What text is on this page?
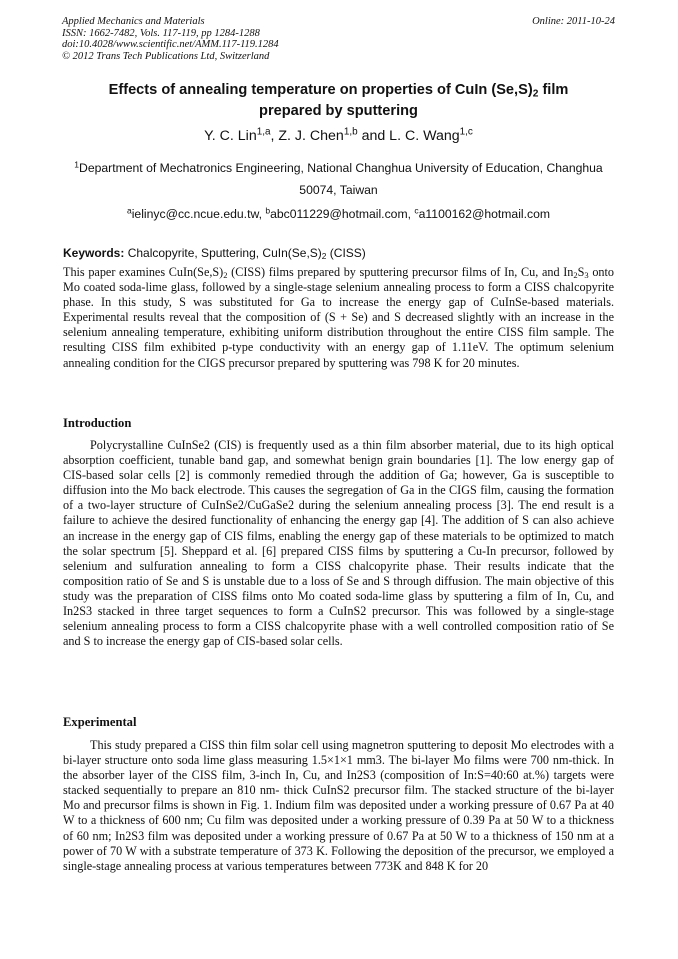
Applied Mechanics and Materials
ISSN: 1662-7482, Vols. 117-119, pp 1284-1288
doi:10.4028/www.scientific.net/AMM.117-119.1284
© 2012 Trans Tech Publications Ltd, Switzerland
Online: 2011-10-24
Effects of annealing temperature on properties of CuIn $(Se,S)_2$ film
prepared by sputtering
Y. C. Lin$^{1,a}$, Z. J. Chen$^{1,b}$ and L. C. Wang$^{1,c}$
$^1$Department of Mechatronics Engineering, National Changhua University of Education, Changhua 50074, Taiwan
$^a$ielinyc@cc.ncue.edu.tw, $^b$abc011229@hotmail.com, $^c$a1100162@hotmail.com
Keywords: Chalcopyrite, Sputtering, $CuIn(Se,S)_2$ (CISS)

This paper examines $CuIn(Se,S)_2$ (CISS) films prepared by sputtering precursor films of In, Cu, and $In_2S_3$ onto Mo coated soda-lime glass, followed by a single-stage selenium annealing process to form a CISS chalcopyrite phase. In this study, S was substituted for Ga to increase the energy gap of CuInSe-based materials. Experimental results reveal that the composition of (S + Se) and S decreased slightly with an increase in the selenium annealing temperature, exhibiting uniform distribution throughout the entire CISS film sample. The resulting CISS film exhibited p-type conductivity with an energy gap of 1.11eV. The optimum selenium annealing condition for the CIGS precursor prepared by sputtering was 798 K for 20 minutes.

Introduction

Polycrystalline CuInSe2 (CIS) is frequently used as a thin film absorber material, due to its high optical absorption coefficient, tunable band gap, and somewhat benign grain boundaries [1]. The low energy gap of CIS-based solar cells [2] is commonly remedied through the addition of Ga; however, Ga is susceptible to diffusion into the Mo back electrode. This causes the segregation of Ga in the CIGS film, causing the formation of a two-layer structure of CuInSe2/CuGaSe2 during the selenium annealing process [3]. The end result is a failure to achieve the desired functionality of enhancing the energy gap [4]. The addition of S can also achieve an increase in the energy gap of CIS films, enabling the energy gap of these materials to be optimized to match the solar spectrum [5]. Sheppard et al. [6] prepared CISS films by sputtering a Cu-In precursor, followed by selenium and sulfuration annealing to form a CISS chalcopyrite phase. Their results indicate that the composition ratio of Se and S is unstable due to a loss of Se and S through diffusion. The main objective of this study was the preparation of CISS films onto Mo coated soda-lime glass by sputtering a film of In, Cu, and In2S3 stacked in three target sequences to form a CuInS2 precursor. This was followed by a single-stage selenium annealing process to form a CISS chalcopyrite phase with a well controlled composition ratio of Se and S to increase the energy gap of CIS-based solar cells.

Experimental

This study prepared a CISS thin film solar cell using magnetron sputtering to deposit Mo electrodes with a bi-layer structure onto soda lime glass measuring 1.5×1×1 mm3. The bi-layer Mo films were 700 nm-thick. In the absorber layer of the CISS film, 3-inch In, Cu, and In2S3 (composition of In:S=40:60 at.%) targets were stacked sequentially to prepare an 810 nm- thick CuInS2 precursor film. The stacked structure of the bi-layer Mo and precursor films is shown in Fig. 1. Indium film was deposited under a working pressure of 0.67 Pa at 40 W to a thickness of 600 nm; Cu film was deposited under a working pressure of 0.39 Pa at 50 W to a thickness of 60 nm; In2S3 film was deposited under a working pressure of 0.67 Pa at 50 W to a thickness of 150 nm at a power of 70 W with a substrate temperature of 373 K. Following the deposition of the precursor, we employed a single-stage annealing process at various temperatures between 773K and 848 K for 20
